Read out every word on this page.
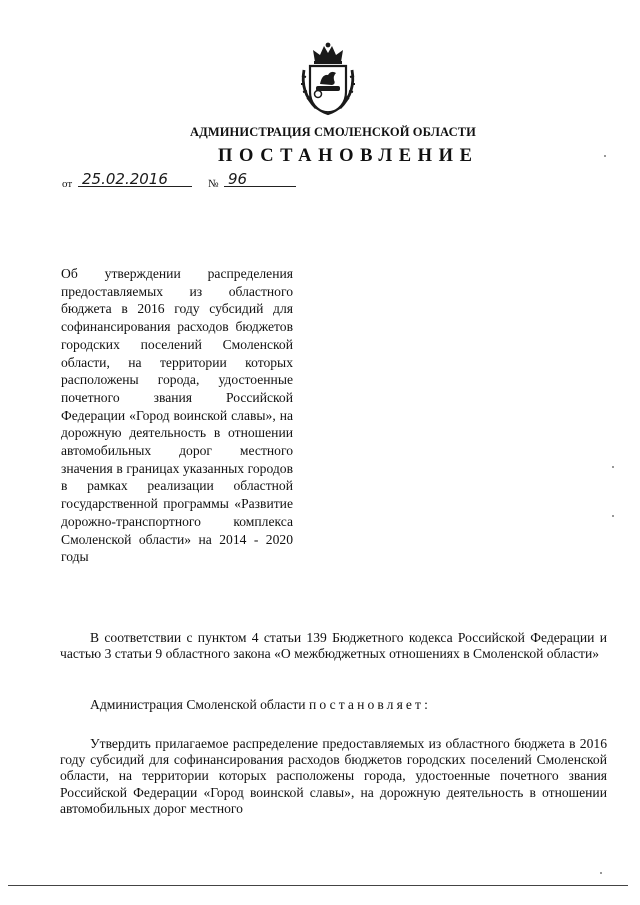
АДМИНИСТРАЦИЯ СМОЛЕНСКОЙ ОБЛАСТИ
ПОСТАНОВЛЕНИЕ
от 25.02.2016	№ 96
Об утверждении распределения предоставляемых из областного бюджета в 2016 году субсидий для софинансирования расходов бюджетов городских поселений Смоленской области, на территории которых расположены города, удостоенные почетного звания Российской Федерации «Город воинской славы», на дорожную деятельность в отношении автомобильных дорог местного значения в границах указанных городов в рамках реализации областной государственной программы «Развитие дорожно-транспортного комплекса Смоленской области» на 2014 - 2020 годы
В соответствии с пунктом 4 статьи 139 Бюджетного кодекса Российской Федерации и частью 3 статьи 9 областного закона «О межбюджетных отношениях в Смоленской области»
Администрация Смоленской области постановляет:
Утвердить прилагаемое распределение предоставляемых из областного бюджета в 2016 году субсидий для софинансирования расходов бюджетов городских поселений Смоленской области, на территории которых расположены города, удостоенные почетного звания Российской Федерации «Город воинской славы», на дорожную деятельность в отношении автомобильных дорог местного
